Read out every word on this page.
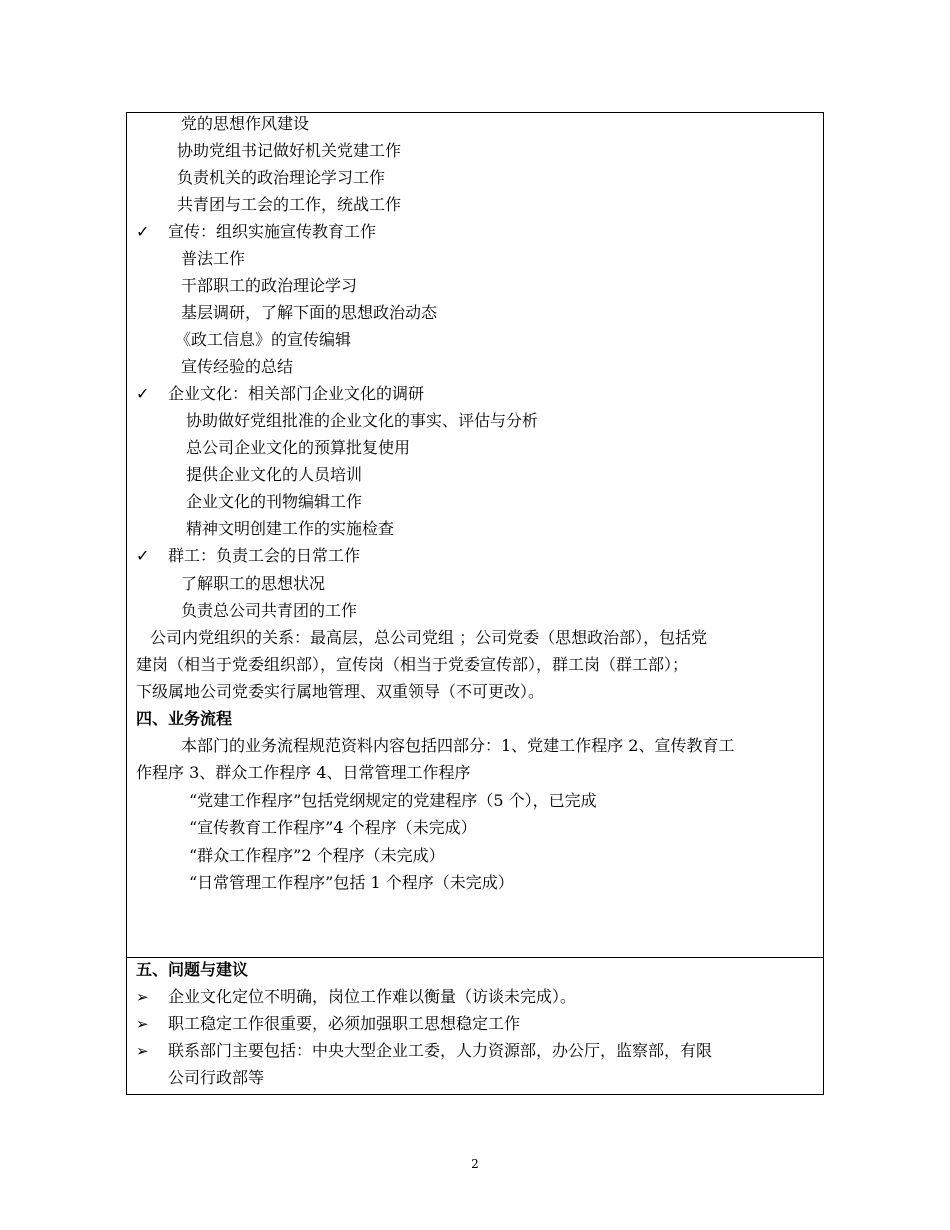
党的思想作风建设
协助党组书记做好机关党建工作
负责机关的政治理论学习工作
共青团与工会的工作，统战工作
✓ 宣传：组织实施宣传教育工作
普法工作
干部职工的政治理论学习
基层调研，了解下面的思想政治动态
《政工信息》的宣传编辑
宣传经验的总结
✓ 企业文化：相关部门企业文化的调研
协助做好党组批准的企业文化的事实、评估与分析
总公司企业文化的预算批复使用
提供企业文化的人员培训
企业文化的刊物编辑工作
精神文明创建工作的实施检查
✓ 群工：负责工会的日常工作
了解职工的思想状况
负责总公司共青团的工作
公司内党组织的关系：最高层，总公司党组 ；公司党委（思想政治部），包括党
建岗（相当于党委组织部），宣传岗（相当于党委宣传部），群工岗（群工部）；
下级属地公司党委实行属地管理、双重领导（不可更改）。
四、业务流程
本部门的业务流程规范资料内容包括四部分：1、党建工作程序 2、宣传教育工
作程序 3、群众工作程序 4、日常管理工作程序
“党建工作程序”包括党纲规定的党建程序（5 个），已完成
“宣传教育工作程序”4 个程序（未完成）
“群众工作程序”2 个程序（未完成）
“日常管理工作程序”包括 1 个程序（未完成）
五、问题与建议
➢ 企业文化定位不明确，岗位工作难以衡量（访谈未完成）。
➢ 职工稳定工作很重要，必须加强职工思想稳定工作
➢ 联系部门主要包括：中央大型企业工委，人力资源部，办公厅，监察部，有限
公司行政部等
2
